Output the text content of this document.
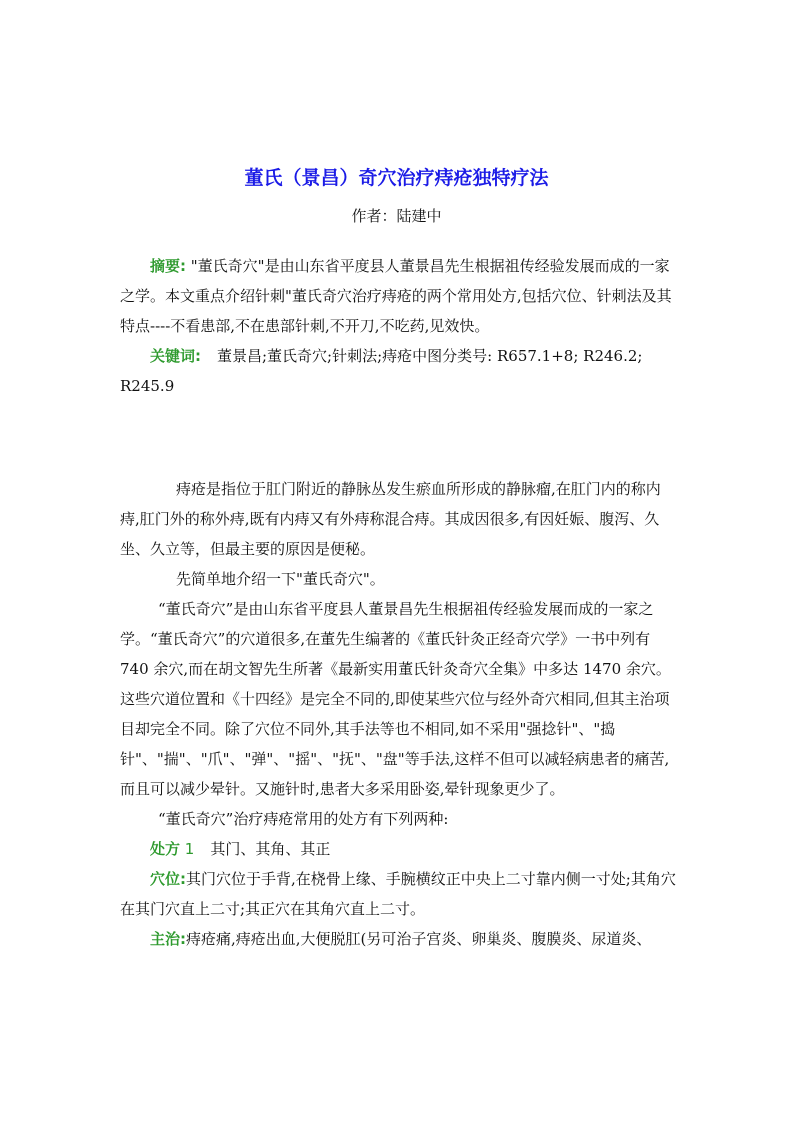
董氏（景昌）奇穴治疗痔疮独特疗法
作者：陆建中

摘要: "董氏奇穴"是由山东省平度县人董景昌先生根据祖传经验发展而成的一家之学。本文重点介绍针刺"董氏奇穴治疗痔疮的两个常用处方,包括穴位、针刺法及其特点----不看患部,不在患部针刺,不开刀,不吃药,见效快。

关键词: 董景昌;董氏奇穴;针刺法;痔疮中图分类号: R657.1+8; R246.2; R245.9

痔疮是指位于肛门附近的静脉丛发生瘀血所形成的静脉瘤,在肛门内的称内痔,肛门外的称外痔,既有内痔又有外痔称混合痔。其成因很多,有因妊娠、腹泻、久坐、久立等，但最主要的原因是便秘。

先简单地介绍一下"董氏奇穴"。

“董氏奇穴”是由山东省平度县人董景昌先生根据祖传经验发展而成的一家之学。“董氏奇穴”的穴道很多,在董先生编著的《董氏针灸正经奇穴学》一书中列有 740 余穴,而在胡文智先生所著《最新实用董氏针灸奇穴全集》中多达 1470 余穴。这些穴道位置和《十四经》是完全不同的,即使某些穴位与经外奇穴相同,但其主治项目却完全不同。除了穴位不同外,其手法等也不相同,如不采用"强捻针"、"捣针"、"揣"、"爪"、"弹"、"摇"、"抚"、"盘"等手法,这样不但可以减轻病患者的痛苦,而且可以减少晕针。又施针时,患者大多采用卧姿,晕针现象更少了。

“董氏奇穴”治疗痔疮常用的处方有下列两种:

处方 1 其门、其角、其正

穴位:其门穴位于手背,在桡骨上缘、手腕横纹正中央上二寸靠内侧一寸处;其角穴在其门穴直上二寸;其正穴在其角穴直上二寸。

主治:痔疮痛,痔疮出血,大便脱肛(另可治子宫炎、卵巢炎、腹膜炎、尿道炎、
